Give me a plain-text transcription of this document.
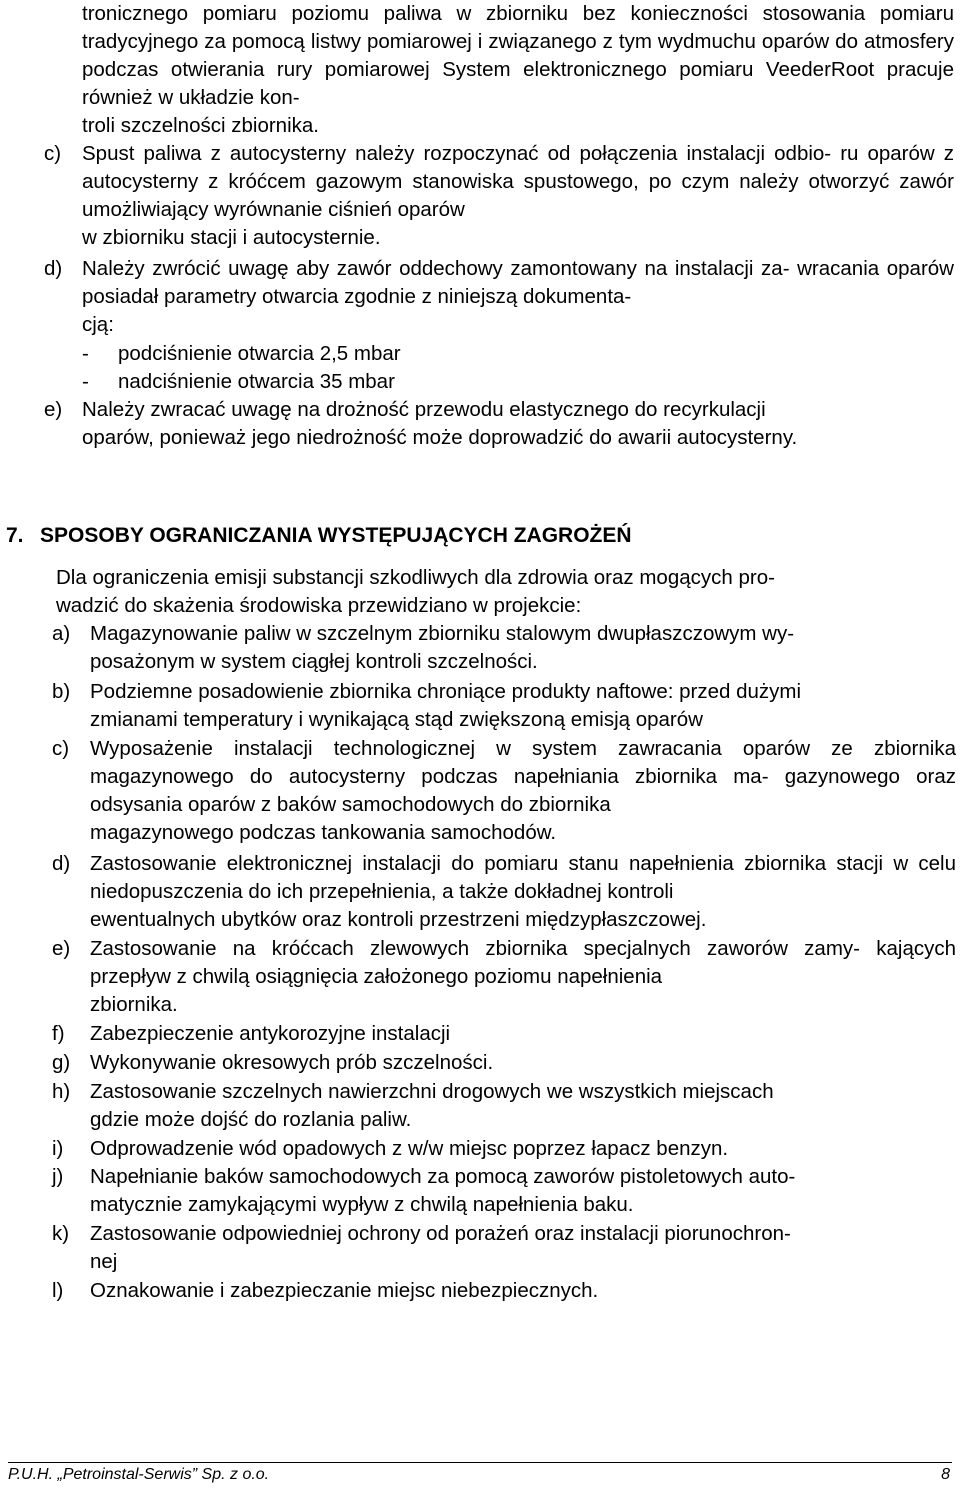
tronicznego pomiaru poziomu paliwa w zbiorniku bez konieczności stosowania pomiaru tradycyjnego za pomocą listwy pomiarowej i związanego z tym wydmuchu oparów do atmosfery podczas otwierania rury pomiarowej System elektronicznego pomiaru VeederRoot pracuje również w układzie kon-
troli szczelności zbiornika.

c) Spust paliwa z autocysterny należy rozpoczynać od połączenia instalacji odbio- ru oparów z autocysterny z króćcem gazowym stanowiska spustowego, po czym należy otworzyć zawór umożliwiający wyrównanie ciśnień oparów
w zbiorniku stacji i autocysternie.

d) Należy zwrócić uwagę aby zawór oddechowy zamontowany na instalacji za- wracania oparów posiadał parametry otwarcia zgodnie z niniejszą dokumenta-
cją:

- podciśnienie otwarcia 2,5 mbar
- nadciśnienie otwarcia 35 mbar
e) Należy zwracać uwagę na drożność przewodu elastycznego do recyrkulacji
oparów, ponieważ jego niedrożność może doprowadzić do awarii autocysterny.

7. SPOSOBY OGRANICZANIA WYSTĘPUJĄCYCH ZAGROŻEŃ

Dla ograniczenia emisji substancji szkodliwych dla zdrowia oraz mogących pro-
wadzić do skażenia środowiska przewidziano w projekcie:

a) Magazynowanie paliw w szczelnym zbiorniku stalowym dwupłaszczowym wy-
posażonym w system ciągłej kontroli szczelności.

b) Podziemne posadowienie zbiornika chroniące produkty naftowe: przed dużymi
zmianami temperatury i wynikającą stąd zwiększoną emisją oparów

c) Wyposażenie instalacji technologicznej w system zawracania oparów ze zbiornika magazynowego do autocysterny podczas napełniania zbiornika ma- gazynowego oraz odsysania oparów z baków samochodowych do zbiornika
magazynowego podczas tankowania samochodów.

d) Zastosowanie elektronicznej instalacji do pomiaru stanu napełnienia zbiornika stacji w celu niedopuszczenia do ich przepełnienia, a także dokładnej kontroli
ewentualnych ubytków oraz kontroli przestrzeni międzypłaszczowej.

e) Zastosowanie na króćcach zlewowych zbiornika specjalnych zaworów zamy- kających przepływ z chwilą osiągnięcia założonego poziomu napełnienia
zbiornika.

f) Zabezpieczenie antykorozyjne instalacji

g) Wykonywanie okresowych prób szczelności.

h) Zastosowanie szczelnych nawierzchni drogowych we wszystkich miejscach
gdzie może dojść do rozlania paliw.

i) Odprowadzenie wód opadowych z w/w miejsc poprzez łapacz benzyn.

j) Napełnianie baków samochodowych za pomocą zaworów pistoletowych auto-
matycznie zamykającymi wypływ z chwilą napełnienia baku.

k) Zastosowanie odpowiedniej ochrony od porażeń oraz instalacji piorunochron-
nej

l) Oznakowanie i zabezpieczanie miejsc niebezpiecznych.

P.U.H. „Petroinstal-Serwis” Sp. z o.o.	8
